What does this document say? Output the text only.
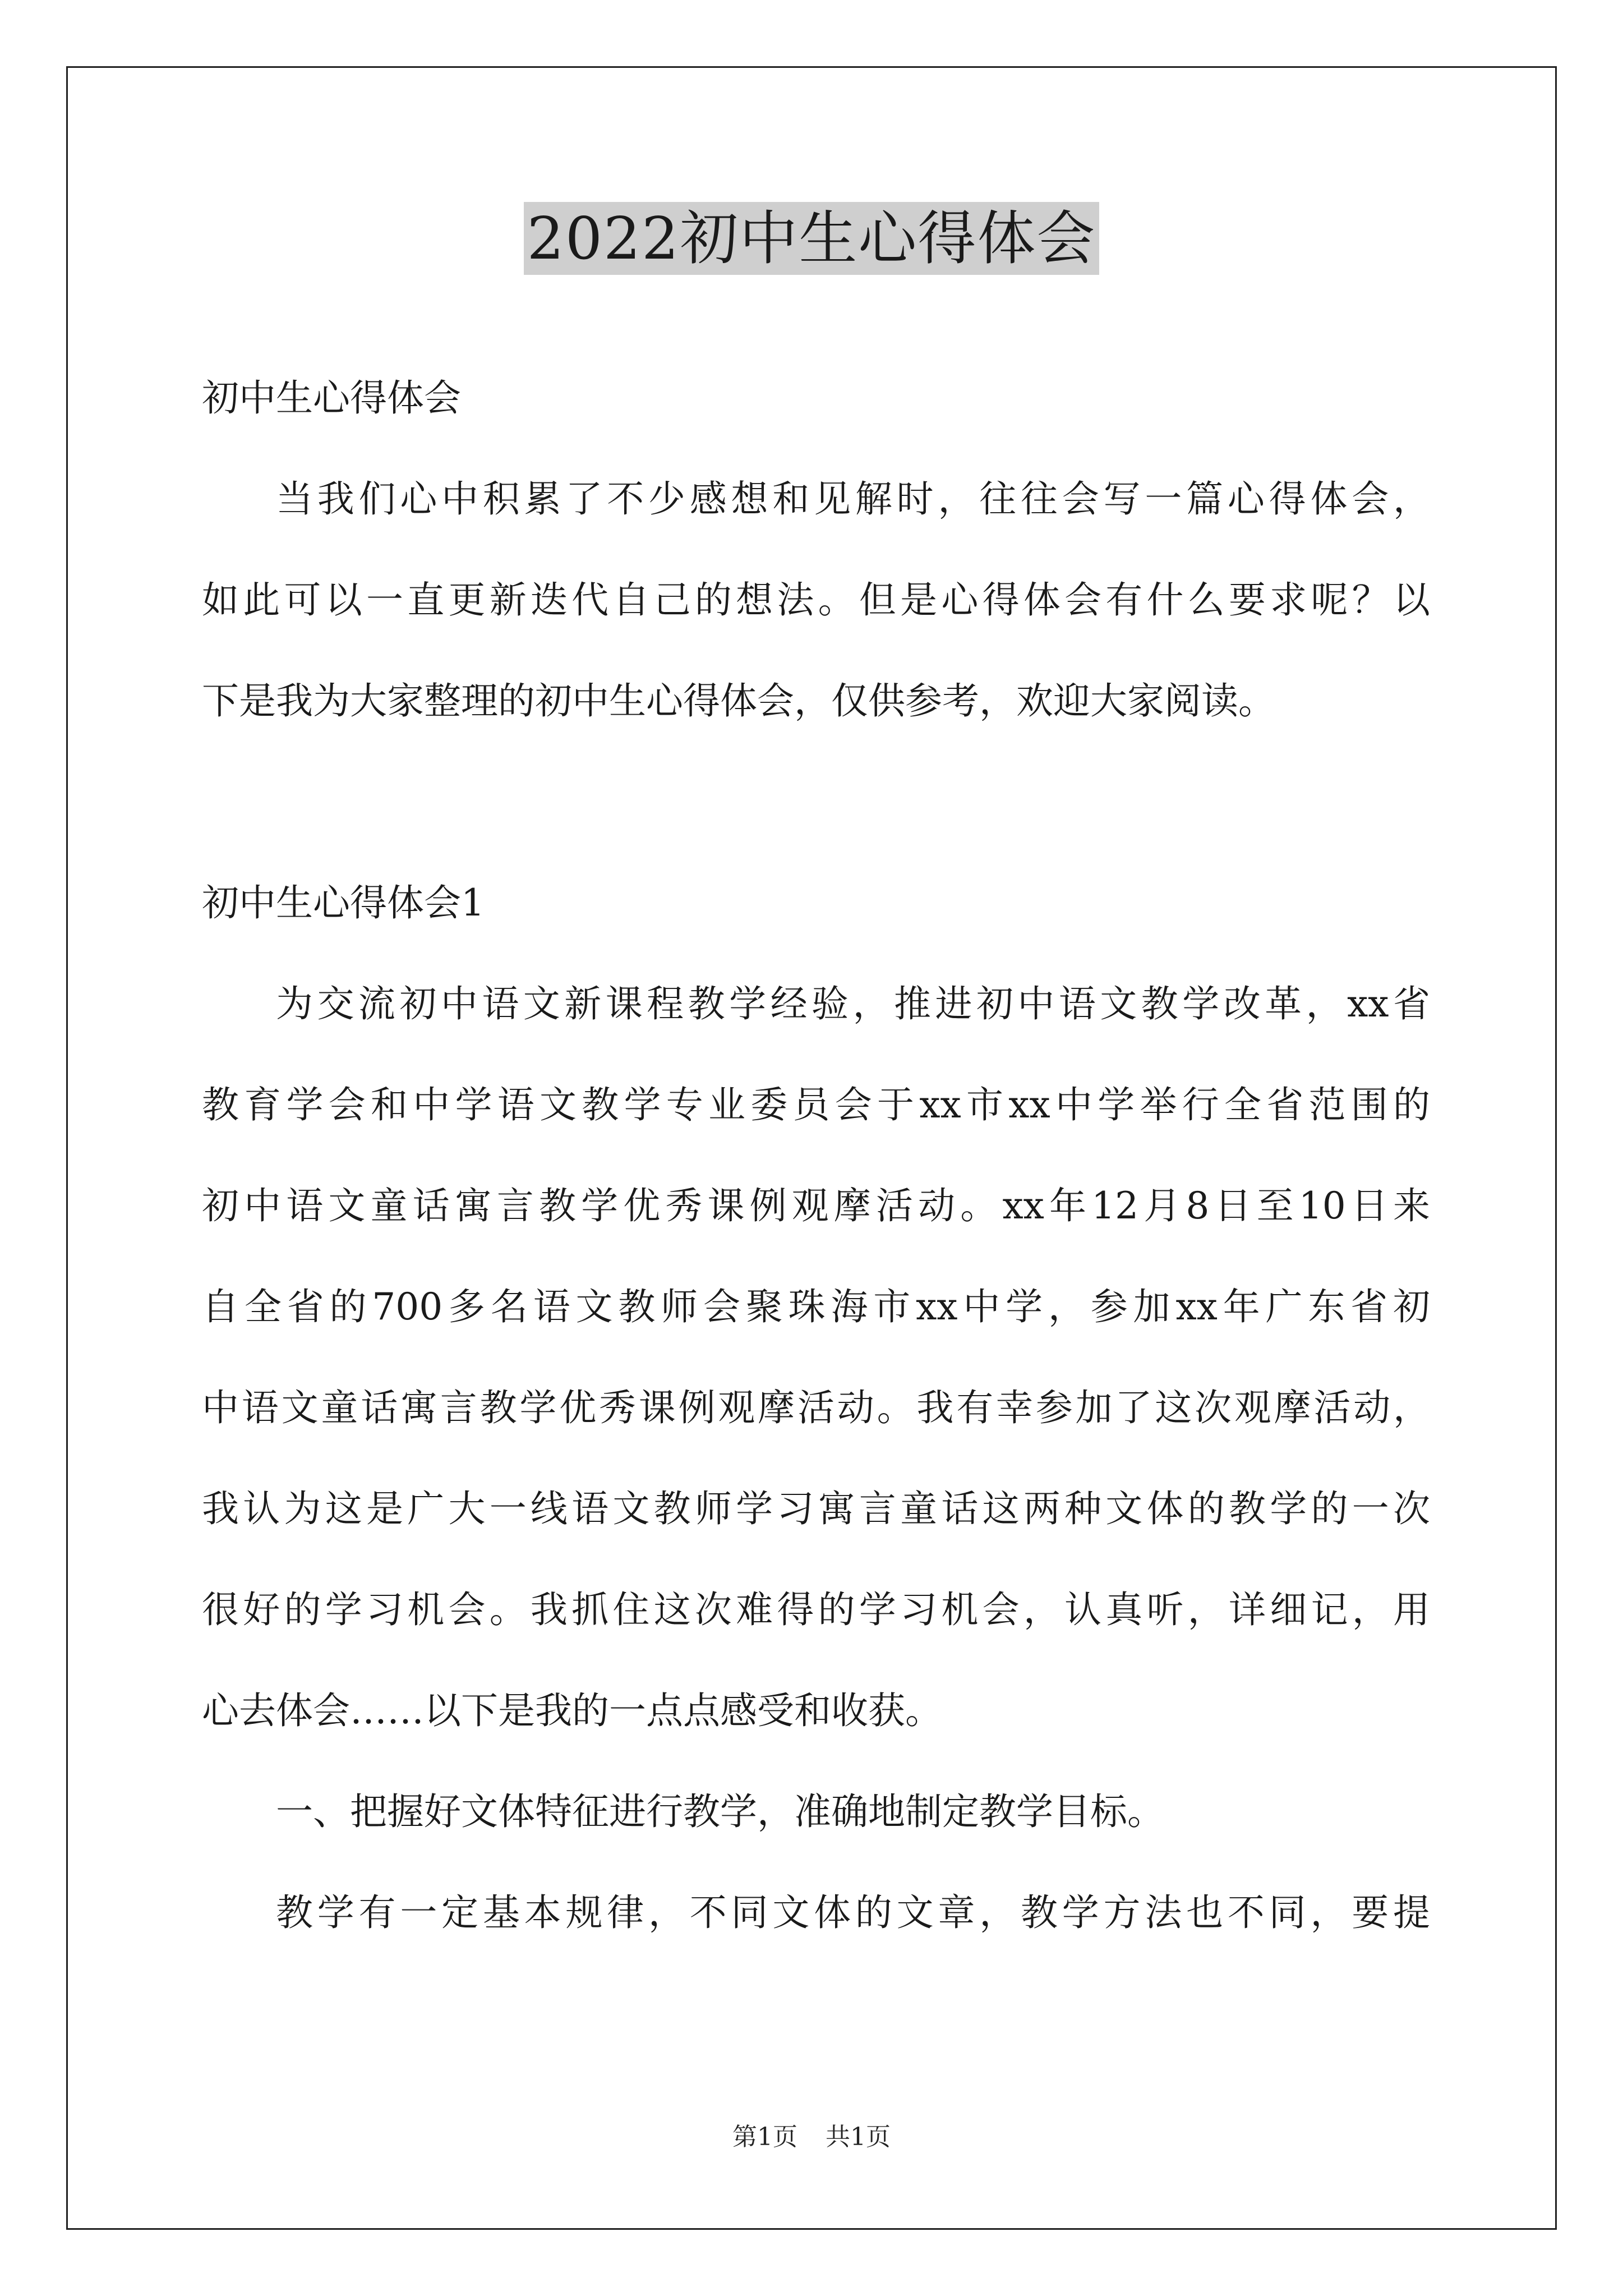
2022初中生心得体会
初中生心得体会
当我们心中积累了不少感想和见解时，往往会写一篇心得体会，
如此可以一直更新迭代自己的想法。但是心得体会有什么要求呢？以
下是我为大家整理的初中生心得体会，仅供参考，欢迎大家阅读。
初中生心得体会1
为交流初中语文新课程教学经验，推进初中语文教学改革，xx省
教育学会和中学语文教学专业委员会于xx市xx中学举行全省范围的
初中语文童话寓言教学优秀课例观摩活动。xx年12月8日至10日来
自全省的700多名语文教师会聚珠海市xx中学，参加xx年广东省初
中语文童话寓言教学优秀课例观摩活动。我有幸参加了这次观摩活动，
我认为这是广大一线语文教师学习寓言童话这两种文体的教学的一次
很好的学习机会。我抓住这次难得的学习机会，认真听，详细记，用
心去体会……以下是我的一点点感受和收获。
一、把握好文体特征进行教学，准确地制定教学目标。
教学有一定基本规律，不同文体的文章，教学方法也不同，要提
第1页 共1页
